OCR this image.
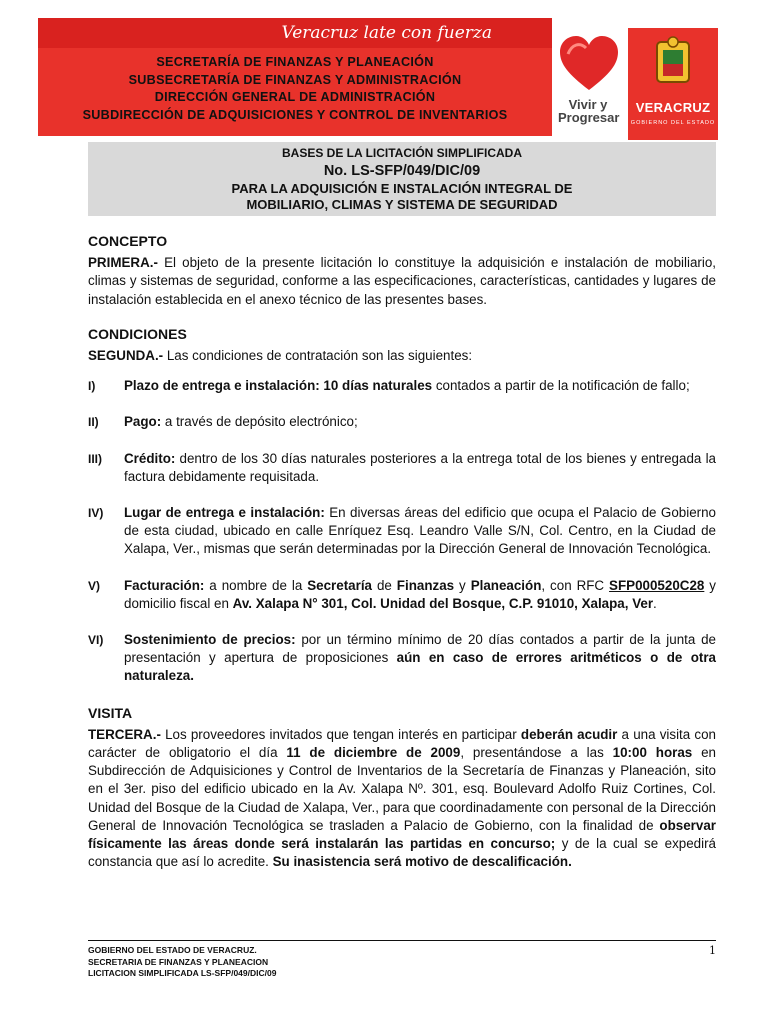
Veracruz late con fuerza
SECRETARÍA DE FINANZAS Y PLANEACIÓN
SUBSECRETARÍA DE FINANZAS Y ADMINISTRACIÓN
DIRECCIÓN GENERAL DE ADMINISTRACIÓN
SUBDIRECCIÓN DE ADQUISICIONES Y CONTROL DE INVENTARIOS
Vivir y Progresar
VERACRUZ
GOBIERNO DEL ESTADO
BASES DE LA LICITACIÓN SIMPLIFICADA
No. LS-SFP/049/DIC/09
PARA LA ADQUISICIÓN E INSTALACIÓN INTEGRAL DE
MOBILIARIO, CLIMAS Y SISTEMA DE SEGURIDAD
CONCEPTO

PRIMERA.- El objeto de la presente licitación lo constituye la adquisición e instalación de mobiliario, climas y sistemas de seguridad, conforme a las especificaciones, características, cantidades y lugares de instalación establecida en el anexo técnico de las presentes bases.

CONDICIONES

SEGUNDA.- Las condiciones de contratación son las siguientes:

I) Plazo de entrega e instalación: 10 días naturales contados a partir de la notificación de fallo;
II) Pago: a través de depósito electrónico;
III) Crédito: dentro de los 30 días naturales posteriores a la entrega total de los bienes y entregada la factura debidamente requisitada.
IV) Lugar de entrega e instalación: En diversas áreas del edificio que ocupa el Palacio de Gobierno de esta ciudad, ubicado en calle Enríquez Esq. Leandro Valle S/N, Col. Centro, en la Ciudad de Xalapa, Ver., mismas que serán determinadas por la Dirección General de Innovación Tecnológica.
V) Facturación: a nombre de la Secretaría de Finanzas y Planeación, con RFC SFP000520C28 y domicilio fiscal en Av. Xalapa N° 301, Col. Unidad del Bosque, C.P. 91010, Xalapa, Ver.
VI) Sostenimiento de precios: por un término mínimo de 20 días contados a partir de la junta de presentación y apertura de proposiciones aún en caso de errores aritméticos o de otra naturaleza.
VISITA

TERCERA.- Los proveedores invitados que tengan interés en participar deberán acudir a una visita con carácter de obligatorio el día 11 de diciembre de 2009, presentándose a las 10:00 horas en Subdirección de Adquisiciones y Control de Inventarios de la Secretaría de Finanzas y Planeación, sito en el 3er. piso del edificio ubicado en la Av. Xalapa Nº. 301, esq. Boulevard Adolfo Ruiz Cortines, Col. Unidad del Bosque de la Ciudad de Xalapa, Ver., para que coordinadamente con personal de la Dirección General de Innovación Tecnológica se trasladen a Palacio de Gobierno, con la finalidad de observar físicamente las áreas donde será instalarán las partidas en concurso; y de la cual se expedirá constancia que así lo acredite. Su inasistencia será motivo de descalificación.

GOBIERNO DEL ESTADO DE VERACRUZ.
SECRETARIA DE FINANZAS Y PLANEACION
LICITACION SIMPLIFICADA LS-SFP/049/DIC/09
1
